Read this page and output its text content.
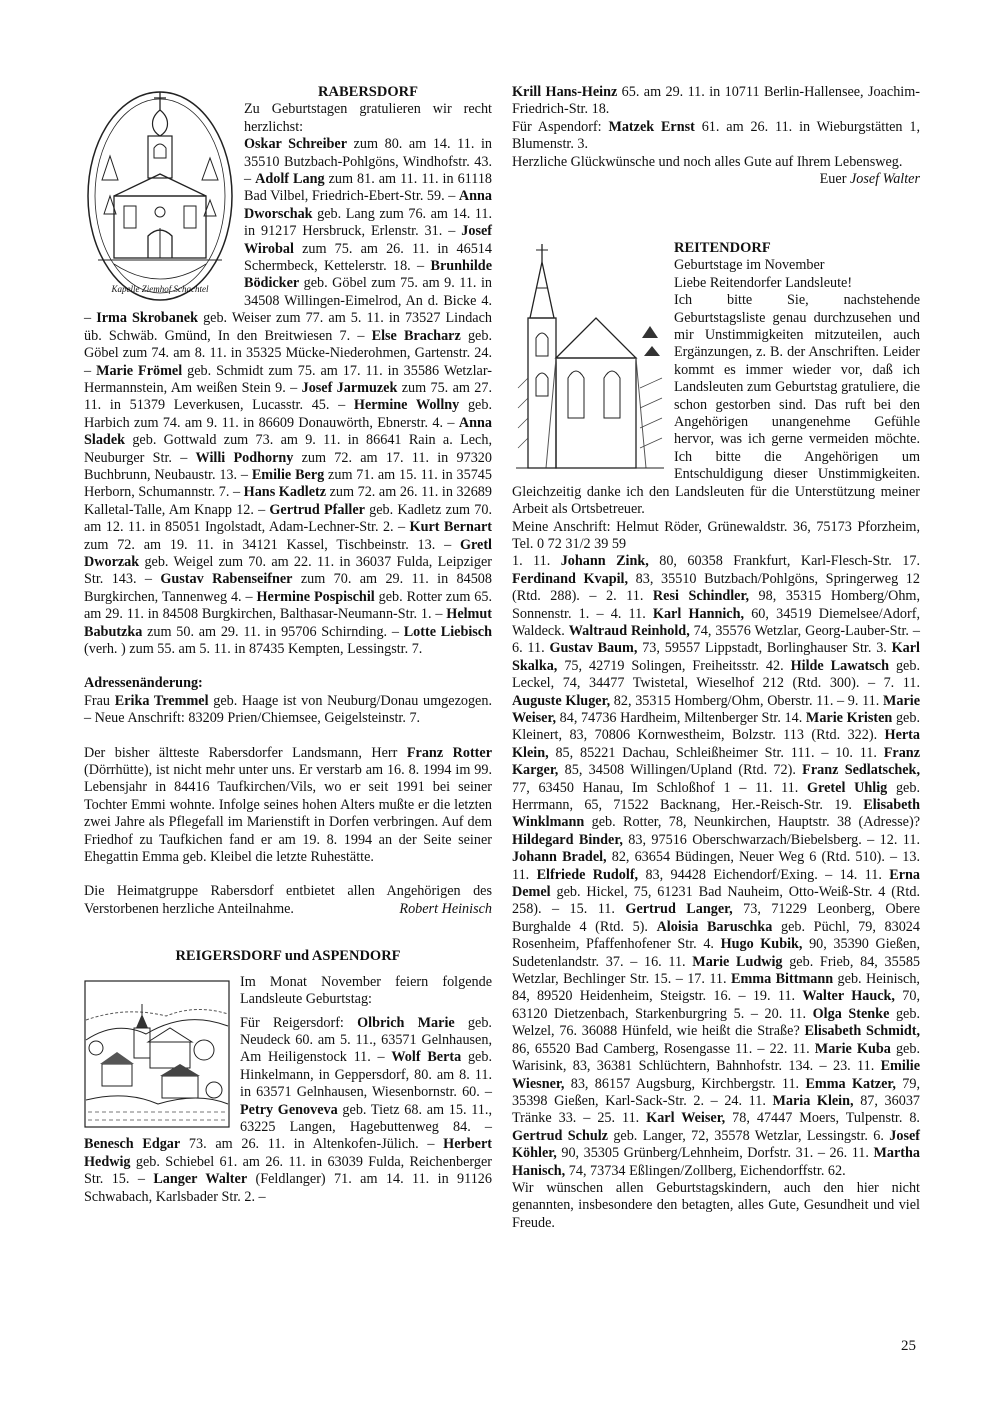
Kapelle Ziemhof Schachtel
RABERSDORF

Zu Geburtstagen gratulieren wir recht herzlichst:

Oskar Schreiber zum 80. am 14. 11. in 35510 Butzbach-Pohlgöns, Windhofstr. 43. – Adolf Lang zum 81. am 11. 11. in 61118 Bad Vilbel, Friedrich-Ebert-Str. 59. – Anna Dworschak geb. Lang zum 76. am 14. 11. in 91217 Hersbruck, Erlenstr. 31. – Josef Wirobal zum 75. am 26. 11. in 46514 Schermbeck, Kettelerstr. 18. – Brunhilde Bödicker geb. Göbel zum 75. am 9. 11. in 34508 Willingen-Eimelrod, An d. Bicke 4. – Irma Skrobanek geb. Weiser zum 77. am 5. 11. in 73527 Lindach üb. Schwäb. Gmünd, In den Breitwiesen 7. – Else Bracharz geb. Göbel zum 74. am 8. 11. in 35325 Mücke-Niederohmen, Gartenstr. 24. – Marie Frömel geb. Schmidt zum 75. am 17. 11. in 35586 Wetzlar-Hermannstein, Am weißen Stein 9. – Josef Jarmuzek zum 75. am 27. 11. in 51379 Leverkusen, Lucasstr. 45. – Hermine Wollny geb. Harbich zum 74. am 9. 11. in 86609 Donauwörth, Ebnerstr. 4. – Anna Sladek geb. Gottwald zum 73. am 9. 11. in 86641 Rain a. Lech, Neuburger Str. – Willi Podhorny zum 72. am 17. 11. in 97320 Buchbrunn, Neubaustr. 13. – Emilie Berg zum 71. am 15. 11. in 35745 Herborn, Schumannstr. 7. – Hans Kadletz zum 72. am 26. 11. in 32689 Kalletal-Talle, Am Knapp 12. – Gertrud Pfaller geb. Kadletz zum 70. am 12. 11. in 85051 Ingolstadt, Adam-Lechner-Str. 2. – Kurt Bernart zum 72. am 19. 11. in 34121 Kassel, Tischbeinstr. 13. – Gretl Dworzak geb. Weigel zum 70. am 22. 11. in 36037 Fulda, Leipziger Str. 143. – Gustav Rabenseifner zum 70. am 29. 11. in 84508 Burgkirchen, Tannenweg 4. – Hermine Pospischil geb. Rotter zum 65. am 29. 11. in 84508 Burgkirchen, Balthasar-Neumann-Str. 1. – Helmut Babutzka zum 50. am 29. 11. in 95706 Schirnding. – Lotte Liebisch (verh. ) zum 55. am 5. 11. in 87435 Kempten, Lessingstr. 7.

Adressenänderung:

Frau Erika Tremmel geb. Haage ist von Neuburg/Donau umgezogen. – Neue Anschrift: 83209 Prien/Chiemsee, Geigelsteinstr. 7.

Der bisher ältteste Rabersdorfer Landsmann, Herr Franz Rotter (Dörrhütte), ist nicht mehr unter uns. Er verstarb am 16. 8. 1994 im 99. Lebensjahr in 84416 Taufkirchen/Vils, wo er seit 1991 bei seiner Tochter Emmi wohnte. Infolge seines hohen Alters mußte er die letzten zwei Jahre als Pflegefall im Marienstift in Dorfen verbringen. Auf dem Friedhof zu Taufkichen fand er am 19. 8. 1994 an der Seite seiner Ehegattin Emma geb. Kleibel die letzte Ruhestätte.

Die Heimatgruppe Rabersdorf entbietet allen Angehörigen des Verstorbenen herzliche Anteilnahme.	Robert Heinisch

REIGERSDORF und ASPENDORF

Im Monat November feiern folgende Landsleute Geburtstag:

Für Reigersdorf: Olbrich Marie geb. Neudeck 60. am 5. 11., 63571 Gelnhausen, Am Heiligenstock 11. – Wolf Berta geb. Hinkelmann, in Geppersdorf, 80. am 8. 11. in 63571 Gelnhausen, Wiesenbornstr. 60. – Petry Genoveva geb. Tietz 68. am 15. 11., 63225 Langen, Hagebuttenweg 84. – Benesch Edgar 73. am 26. 11. in Altenkofen-Jülich. – Herbert Hedwig geb. Schiebel 61. am 26. 11. in 63039 Fulda, Reichenberger Str. 15. – Langer Walter (Feldlanger) 71. am 14. 11. in 91126 Schwabach, Karlsbader Str. 2. –

Krill Hans-Heinz 65. am 29. 11. in 10711 Berlin-Hallensee, Joachim-Friedrich-Str. 18.

Für Aspendorf: Matzek Ernst 61. am 26. 11. in Wieburgstätten 1, Blumenstr. 3.

Herzliche Glückwünsche und noch alles Gute auf Ihrem Lebensweg.
Euer Josef Walter

REITENDORF

Geburtstage im November

Liebe Reitendorfer Landsleute!

Ich bitte Sie, nachstehende Geburtstagsliste genau durchzusehen und mir Unstimmigkeiten mitzuteilen, auch Ergänzungen, z. B. der Anschriften. Leider kommt es immer wieder vor, daß ich Landsleuten zum Geburtstag gratuliere, die schon gestorben sind. Das ruft bei den Angehörigen unangenehme Gefühle hervor, was ich gerne vermeiden möchte. Ich bitte die Angehörigen um Entschuldigung dieser Unstimmigkeiten. Gleichzeitig danke ich den Landsleuten für die Unterstützung meiner Arbeit als Ortsbetreuer.

Meine Anschrift: Helmut Röder, Grünewaldstr. 36, 75173 Pforzheim, Tel. 0 72 31/2 39 59

1. 11. Johann Zink, 80, 60358 Frankfurt, Karl-Flesch-Str. 17. Ferdinand Kvapil, 83, 35510 Butzbach/Pohlgöns, Springerweg 12 (Rtd. 288). – 2. 11. Resi Schindler, 98, 35315 Homberg/Ohm, Sonnenstr. 1. – 4. 11. Karl Hannich, 60, 34519 Diemelsee/Adorf, Waldeck. Waltraud Reinhold, 74, 35576 Wetzlar, Georg-Lauber-Str. – 6. 11. Gustav Baum, 73, 59557 Lippstadt, Borlinghauser Str. 3. Karl Skalka, 75, 42719 Solingen, Freiheitsstr. 42. Hilde Lawatsch geb. Leckel, 74, 34477 Twistetal, Wieselhof 212 (Rtd. 300). – 7. 11. Auguste Kluger, 82, 35315 Homberg/Ohm, Oberstr. 11. – 9. 11. Marie Weiser, 84, 74736 Hardheim, Miltenberger Str. 14. Marie Kristen geb. Kleinert, 83, 70806 Kornwestheim, Bolzstr. 113 (Rtd. 322). Herta Klein, 85, 85221 Dachau, Schleißheimer Str. 111. – 10. 11. Franz Karger, 85, 34508 Willingen/Upland (Rtd. 72). Franz Sedlatschek, 77, 63450 Hanau, Im Schloßhof 1 – 11. 11. Gretel Uhlig geb. Herrmann, 65, 71522 Backnang, Her.-Reisch-Str. 19. Elisabeth Winklmann geb. Rotter, 78, Neunkirchen, Hauptstr. 38 (Adresse)? Hildegard Binder, 83, 97516 Oberschwarzach/Biebelsberg. – 12. 11. Johann Bradel, 82, 63654 Büdingen, Neuer Weg 6 (Rtd. 510). – 13. 11. Elfriede Rudolf, 83, 94428 Eichendorf/Exing. – 14. 11. Erna Demel geb. Hickel, 75, 61231 Bad Nauheim, Otto-Weiß-Str. 4 (Rtd. 258). – 15. 11. Gertrud Langer, 73, 71229 Leonberg, Obere Burghalde 4 (Rtd. 5). Aloisia Baruschka geb. Püchl, 79, 83024 Rosenheim, Pfaffenhofener Str. 4. Hugo Kubik, 90, 35390 Gießen, Sudetenlandstr. 37. – 16. 11. Marie Ludwig geb. Frieb, 84, 35585 Wetzlar, Bechlinger Str. 15. – 17. 11. Emma Bittmann geb. Heinisch, 84, 89520 Heidenheim, Steigstr. 16. – 19. 11. Walter Hauck, 70, 63120 Dietzenbach, Starkenburgring 5. – 20. 11. Olga Stenke geb. Welzel, 76. 36088 Hünfeld, wie heißt die Straße? Elisabeth Schmidt, 86, 65520 Bad Camberg, Rosengasse 11. – 22. 11. Marie Kuba geb. Warisink, 83, 36381 Schlüchtern, Bahnhofstr. 134. – 23. 11. Emilie Wiesner, 83, 86157 Augsburg, Kirchbergstr. 11. Emma Katzer, 79, 35398 Gießen, Karl-Sack-Str. 2. – 24. 11. Maria Klein, 87, 36037 Tränke 33. – 25. 11. Karl Weiser, 78, 47447 Moers, Tulpenstr. 8. Gertrud Schulz geb. Langer, 72, 35578 Wetzlar, Lessingstr. 6. Josef Köhler, 90, 35305 Grünberg/Lehnheim, Dorfstr. 31. – 26. 11. Martha Hanisch, 74, 73734 Eßlingen/Zollberg, Eichendorffstr. 62.

Wir wünschen allen Geburtstagskindern, auch den hier nicht genannten, insbesondere den betagten, alles Gute, Gesundheit und viel Freude.

25
